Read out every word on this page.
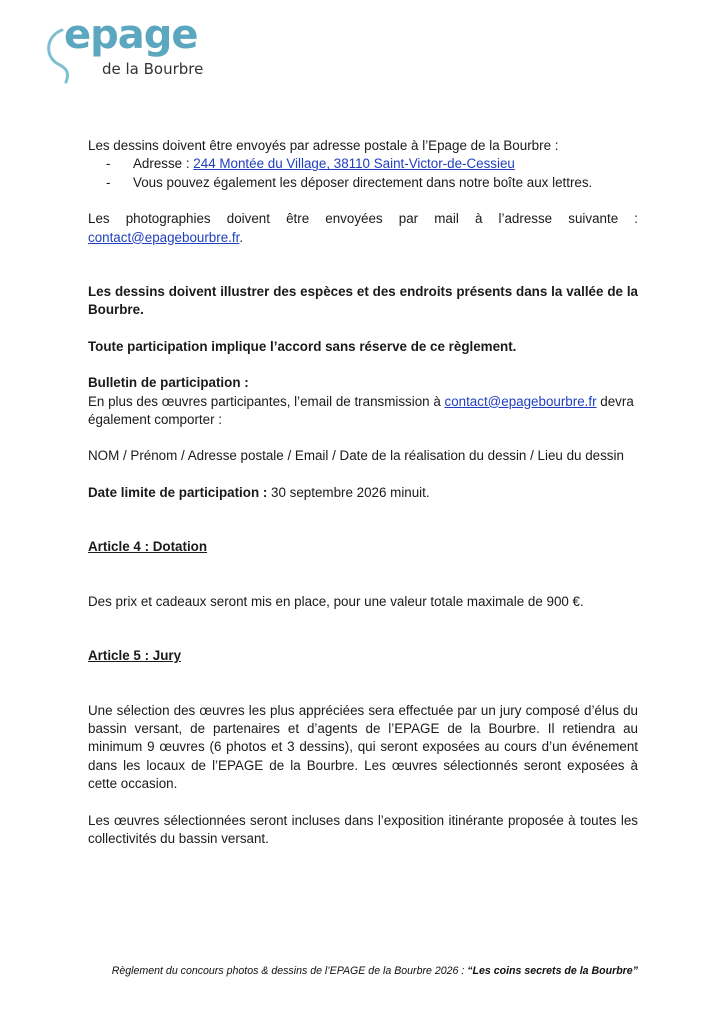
epage
de la Bourbre

Les dessins doivent être envoyés par adresse postale à l’Epage de la Bourbre :

-	Adresse : 244 Montée du Village, 38110 Saint-Victor-de-Cessieu
-	Vous pouvez également les déposer directement dans notre boîte aux lettres.

Les photographies doivent être envoyées par mail à l’adresse suivante :

contact@epagebourbre.fr.

Les dessins doivent illustrer des espèces et des endroits présents dans la vallée de la Bourbre.

Toute participation implique l’accord sans réserve de ce règlement.

Bulletin de participation :

En plus des œuvres participantes, l’email de transmission à contact@epagebourbre.fr devra également comporter :

NOM / Prénom / Adresse postale / Email / Date de la réalisation du dessin / Lieu du dessin

Date limite de participation : 30 septembre 2026 minuit.

Article 4 : Dotation

Des prix et cadeaux seront mis en place, pour une valeur totale maximale de 900 €.

Article 5 : Jury

Une sélection des œuvres les plus appréciées sera effectuée par un jury composé d’élus du bassin versant, de partenaires et d’agents de l’EPAGE de la Bourbre. Il retiendra au minimum 9 œuvres (6 photos et 3 dessins), qui seront exposées au cours d’un événement dans les locaux de l’EPAGE de la Bourbre. Les œuvres sélectionnés seront exposées à cette occasion.

Les œuvres sélectionnées seront incluses dans l’exposition itinérante proposée à toutes les collectivités du bassin versant.

Règlement du concours photos & dessins de l’EPAGE de la Bourbre 2026 : “Les coins secrets de la Bourbre”
